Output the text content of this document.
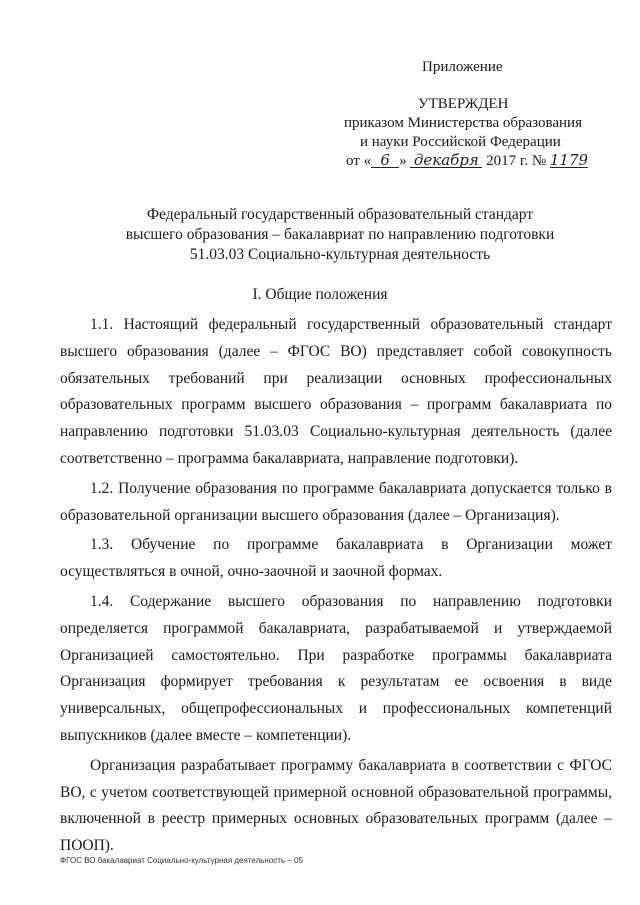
Приложение
УТВЕРЖДЕН
приказом Министерства образования
и науки Российской Федерации
от « 6 » декабря 2017 г. № 1179
Федеральный государственный образовательный стандарт
высшего образования – бакалавриат по направлению подготовки
51.03.03 Социально-культурная деятельность
I. Общие положения

1.1. Настоящий федеральный государственный образовательный стандарт высшего образования (далее – ФГОС ВО) представляет собой совокупность обязательных требований при реализации основных профессиональных образовательных программ высшего образования – программ бакалавриата по направлению подготовки 51.03.03 Социально-культурная деятельность (далее соответственно – программа бакалавриата, направление подготовки).

1.2. Получение образования по программе бакалавриата допускается только в образовательной организации высшего образования (далее – Организация).

1.3. Обучение по программе бакалавриата в Организации может осуществляться в очной, очно-заочной и заочной формах.

1.4. Содержание высшего образования по направлению подготовки определяется программой бакалавриата, разрабатываемой и утверждаемой Организацией самостоятельно. При разработке программы бакалавриата Организация формирует требования к результатам ее освоения в виде универсальных, общепрофессиональных и профессиональных компетенций выпускников (далее вместе – компетенции).

Организация разрабатывает программу бакалавриата в соответствии с ФГОС ВО, с учетом соответствующей примерной основной образовательной программы, включенной в реестр примерных основных образовательных программ (далее – ПООП).

ФГОС ВО бакалавриат Социально-культурная деятельность – 05
